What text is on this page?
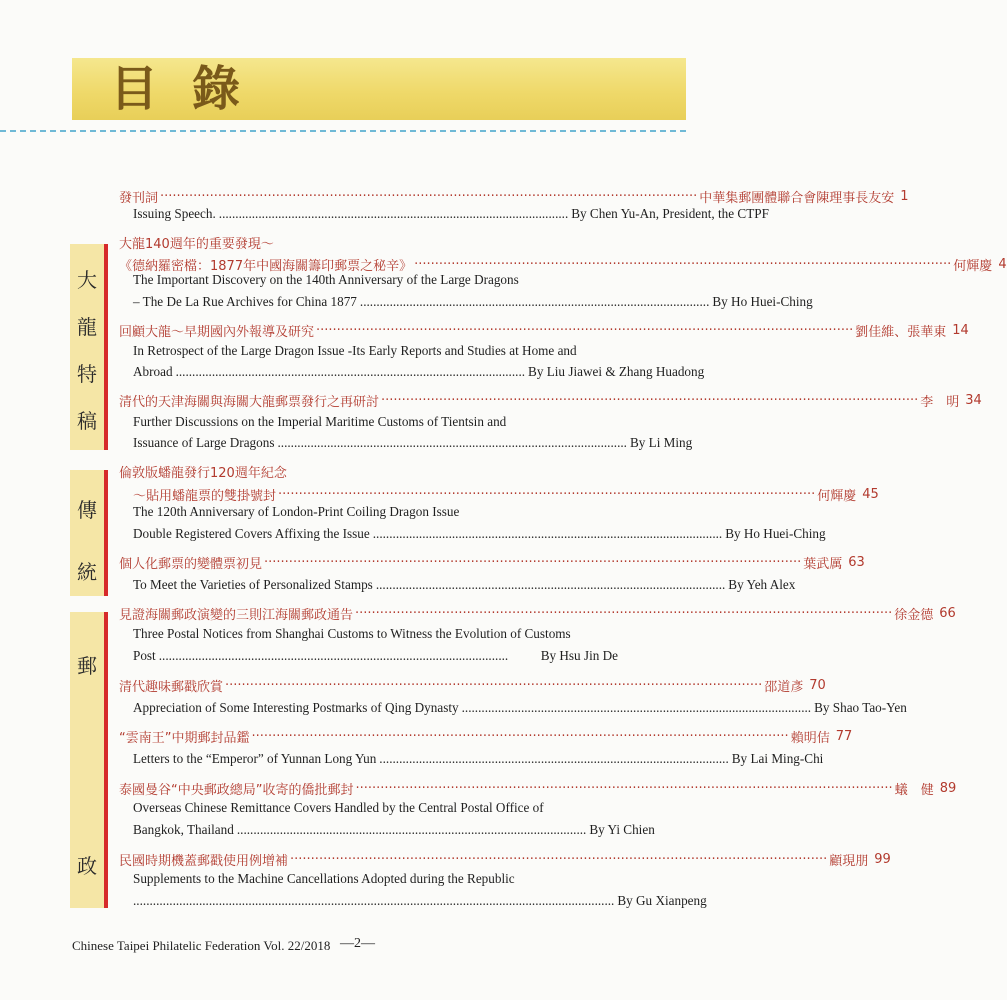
目錄
大
龍
特
稿
傳
統
郵
政
發刊詞 ·································································································································· 中華集郵團體聯合會陳理事長友安 1
Issuing Speech. .......................................................................................................... By Chen Yu-An, President, the CTPF
大龍140週年的重要發現～
《德納羅密檔：1877年中國海關籌印郵票之秘辛》 ·································································································································· 何輝慶 4
The Important Discovery on the 140th Anniversary of the Large Dragons
– The De La Rue Archives for China 1877 .......................................................................................................... By Ho Huei-Ching
回顧大龍～早期國內外報導及研究 ·································································································································· 劉佳維、張華東 14
In Retrospect of the Large Dragon Issue -Its Early Reports and Studies at Home and
Abroad .......................................................................................................... By Liu Jiawei & Zhang Huadong
清代的天津海關與海關大龍郵票發行之再研討 ·································································································································· 李　明 34
Further Discussions on the Imperial Maritime Customs of Tientsin and
Issuance of Large Dragons .......................................................................................................... By Li Ming
倫敦版蟠龍發行120週年紀念
～貼用蟠龍票的雙掛號封 ·································································································································· 何輝慶 45
The 120th Anniversary of London-Print Coiling Dragon Issue
Double Registered Covers Affixing the Issue .......................................................................................................... By Ho Huei-Ching
個人化郵票的變體票初見 ·································································································································· 葉武厲 63
To Meet the Varieties of Personalized Stamps .......................................................................................................... By Yeh Alex
見證海關郵政演變的三則江海關郵政通告 ·································································································································· 徐金德 66
Three Postal Notices from Shanghai Customs to Witness the Evolution of Customs
Post ..........................................................................................................	By Hsu Jin De
清代趣味郵戳欣賞 ·································································································································· 邵道彥 70
Appreciation of Some Interesting Postmarks of Qing Dynasty .......................................................................................................... By Shao Tao-Yen
“雲南王”中期郵封品鑑 ·································································································································· 賴明佶 77
Letters to the “Emperor” of Yunnan Long Yun .......................................................................................................... By Lai Ming-Chi
泰國曼谷“中央郵政總局”收寄的僑批郵封 ·································································································································· 蟻　健 89
Overseas Chinese Remittance Covers Handled by the Central Postal Office of
Bangkok, Thailand .......................................................................................................... By Yi Chien
民國時期機蓋郵戳使用例增補 ·································································································································· 顧現朋 99
Supplements to the Machine Cancellations Adopted during the Republic
.................................................................................................................................................. By Gu Xianpeng
Chinese Taipei Philatelic Federation Vol. 22/2018 —2—
